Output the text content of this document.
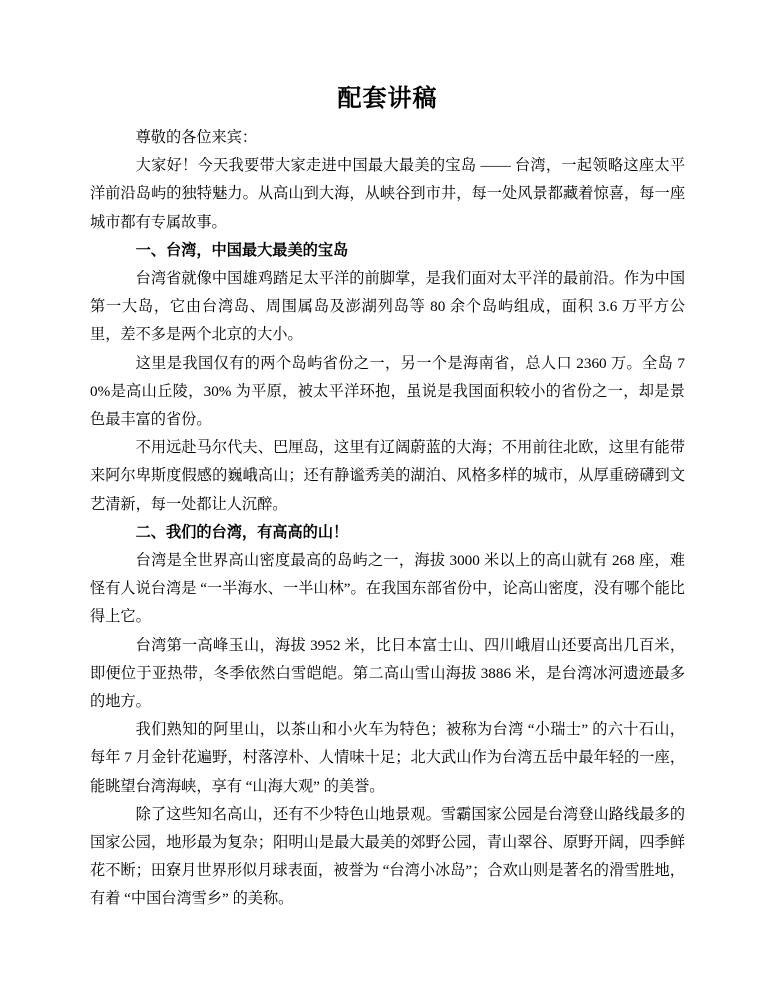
配套讲稿

尊敬的各位来宾：

大家好！今天我要带大家走进中国最大最美的宝岛 —— 台湾，一起领略这座太平洋前沿岛屿的独特魅力。从高山到大海，从峡谷到市井，每一处风景都藏着惊喜，每一座城市都有专属故事。

一、台湾，中国最大最美的宝岛

台湾省就像中国雄鸡踏足太平洋的前脚掌，是我们面对太平洋的最前沿。作为中国第一大岛，它由台湾岛、周围属岛及澎湖列岛等 80 余个岛屿组成，面积 3.6 万平方公里，差不多是两个北京的大小。

这里是我国仅有的两个岛屿省份之一，另一个是海南省，总人口 2360 万。全岛 70%是高山丘陵，30% 为平原，被太平洋环抱，虽说是我国面积较小的省份之一，却是景色最丰富的省份。

不用远赴马尔代夫、巴厘岛，这里有辽阔蔚蓝的大海；不用前往北欧，这里有能带来阿尔卑斯度假感的巍峨高山；还有静谧秀美的湖泊、风格多样的城市，从厚重磅礴到文艺清新，每一处都让人沉醉。

二、我们的台湾，有高高的山！

台湾是全世界高山密度最高的岛屿之一，海拔 3000 米以上的高山就有 268 座，难怪有人说台湾是 “一半海水、一半山林”。在我国东部省份中，论高山密度，没有哪个能比得上它。

台湾第一高峰玉山，海拔 3952 米，比日本富士山、四川峨眉山还要高出几百米，即便位于亚热带，冬季依然白雪皑皑。第二高山雪山海拔 3886 米，是台湾冰河遗迹最多的地方。

我们熟知的阿里山，以茶山和小火车为特色；被称为台湾 “小瑞士” 的六十石山，每年 7 月金针花遍野，村落淳朴、人情味十足；北大武山作为台湾五岳中最年轻的一座，能眺望台湾海峡，享有 “山海大观” 的美誉。

除了这些知名高山，还有不少特色山地景观。雪霸国家公园是台湾登山路线最多的国家公园，地形最为复杂；阳明山是最大最美的郊野公园，青山翠谷、原野开阔，四季鲜花不断；田寮月世界形似月球表面，被誉为 “台湾小冰岛”；合欢山则是著名的滑雪胜地，有着 “中国台湾雪乡” 的美称。
